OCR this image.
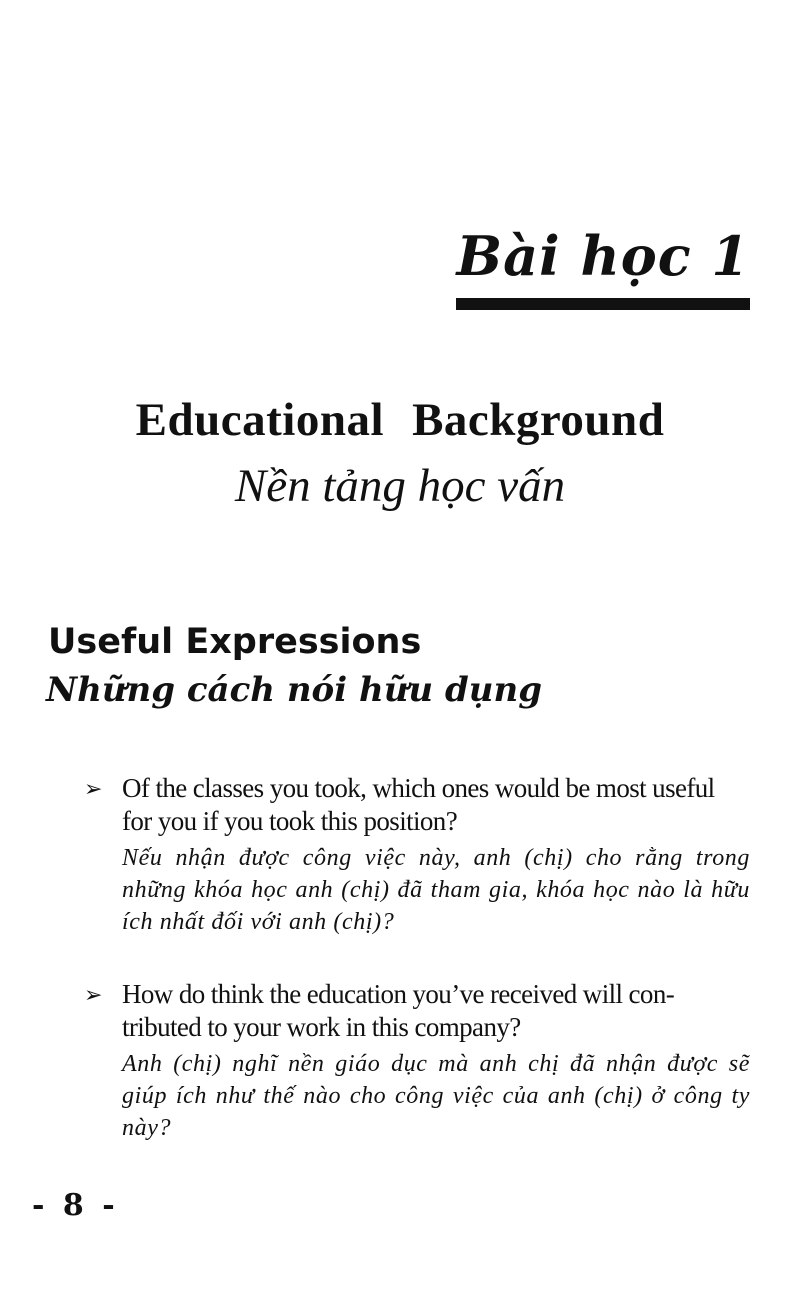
Bài học 1
Educational Background
Nền tảng học vấn
Useful Expressions
Những cách nói hữu dụng
➢ Of the classes you took, which ones would be most useful for you if you took this position?
Nếu nhận được công việc này, anh (chị) cho rằng trong những khóa học anh (chị) đã tham gia, khóa học nào là hữu ích nhất đối với anh (chị)?
➢ How do think the education you’ve received will con-tributed to your work in this company?
Anh (chị) nghĩ nền giáo dục mà anh chị đã nhận được sẽ giúp ích như thế nào cho công việc của anh (chị) ở công ty này?
- 8 -
